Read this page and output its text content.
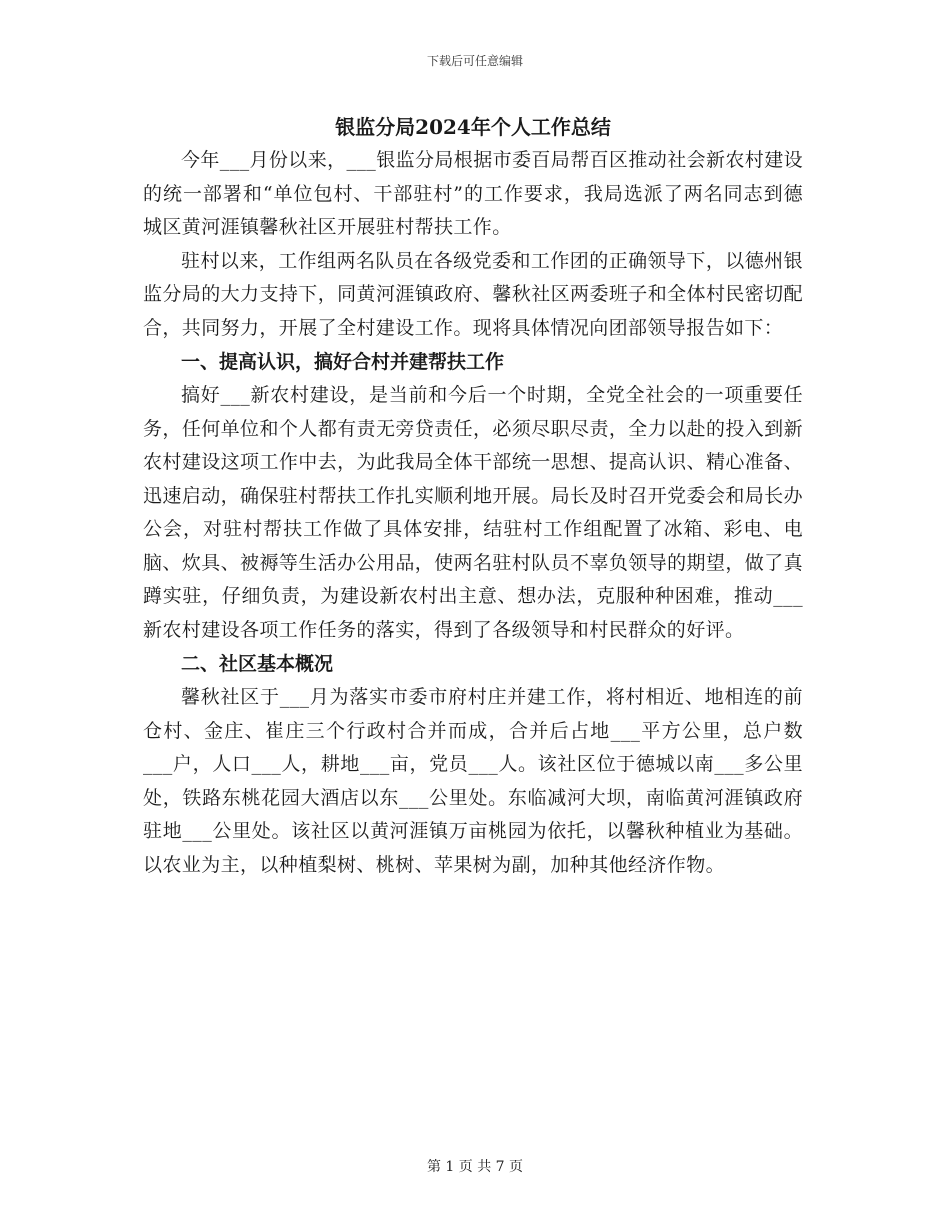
下载后可任意编辑
银监分局2024年个人工作总结

今年___月份以来，___银监分局根据市委百局帮百区推动社会新农村建设的统一部署和“单位包村、干部驻村”的工作要求，我局选派了两名同志到德城区黄河涯镇馨秋社区开展驻村帮扶工作。

驻村以来，工作组两名队员在各级党委和工作团的正确领导下，以德州银监分局的大力支持下，同黄河涯镇政府、馨秋社区两委班子和全体村民密切配合，共同努力，开展了全村建设工作。现将具体情况向团部领导报告如下：

一、提高认识，搞好合村并建帮扶工作

搞好___新农村建设，是当前和今后一个时期，全党全社会的一项重要任务，任何单位和个人都有责无旁贷责任，必须尽职尽责，全力以赴的投入到新农村建设这项工作中去，为此我局全体干部统一思想、提高认识、精心准备、迅速启动，确保驻村帮扶工作扎实顺利地开展。局长及时召开党委会和局长办公会，对驻村帮扶工作做了具体安排，结驻村工作组配置了冰箱、彩电、电脑、炊具、被褥等生活办公用品，使两名驻村队员不辜负领导的期望，做了真蹲实驻，仔细负责，为建设新农村出主意、想办法，克服种种困难，推动___新农村建设各项工作任务的落实，得到了各级领导和村民群众的好评。

二、社区基本概况

馨秋社区于___月为落实市委市府村庄并建工作，将村相近、地相连的前仓村、金庄、崔庄三个行政村合并而成，合并后占地___平方公里，总户数___户，人口___人，耕地___亩，党员___人。该社区位于德城以南___多公里处，铁路东桃花园大酒店以东___公里处。东临减河大坝，南临黄河涯镇政府驻地___公里处。该社区以黄河涯镇万亩桃园为依托，以馨秋种植业为基础。以农业为主，以种植梨树、桃树、苹果树为副，加种其他经济作物。

第 1 页 共 7 页
